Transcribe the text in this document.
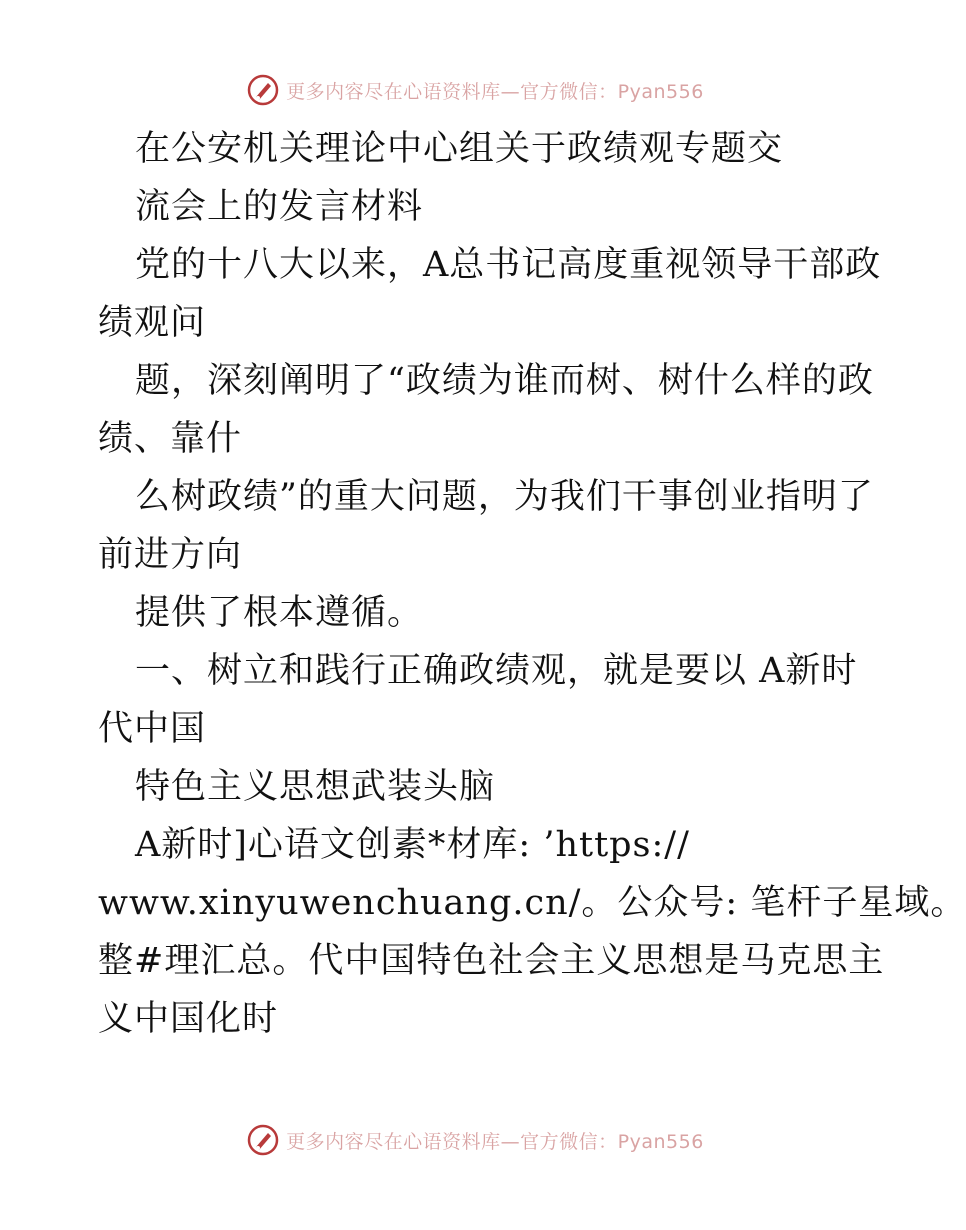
更多内容尽在心语资料库—官方微信：Pyan556
在公安机关理论中心组关于政绩观专题交
流会上的发言材料
党的十八大以来，A总书记高度重视领导干部政
绩观问
题，深刻阐明了“政绩为谁而树、树什么样的政
绩、靠什
么树政绩”的重大问题，为我们干事创业指明了
前进方向
提供了根本遵循。
一、树立和践行正确政绩观，就是要以 A新时
代中国
特色主义思想武装头脑
A新时]心语文创素*材库: ’https://
www.xinyuwenchuang.cn/。公众号: 笔杆子星域。
整#理汇总。代中国特色社会主义思想是马克思主
义中国化时
更多内容尽在心语资料库—官方微信：Pyan556
